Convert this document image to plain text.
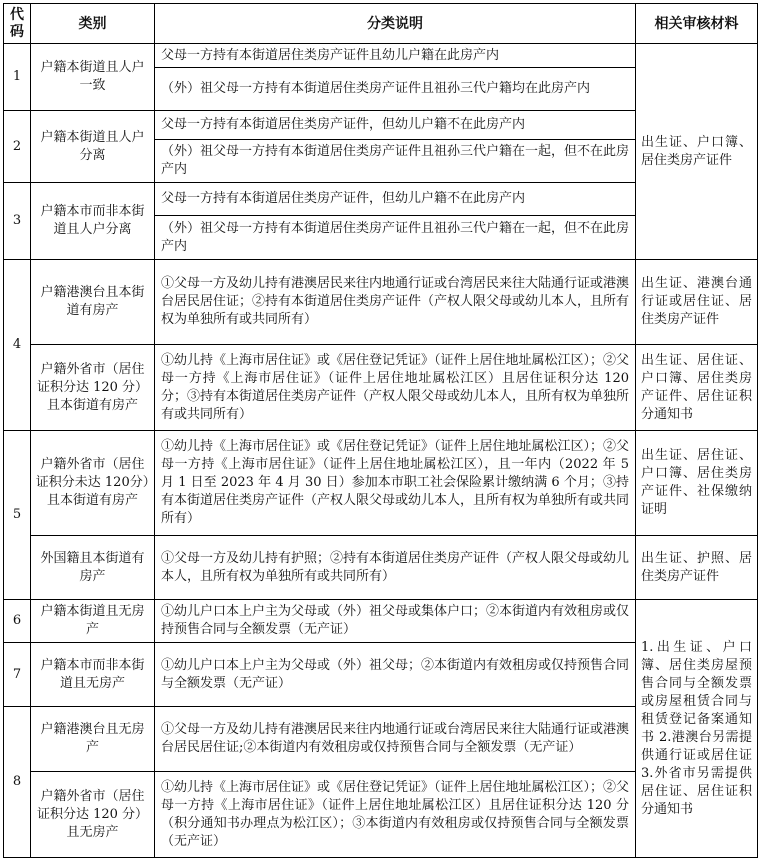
代码	类别	分类说明	相关审核材料
1	户籍本街道且人户一致	父母一方持有本街道居住类房产证件且幼儿户籍在此房产内	出生证、户口簿、居住类房产证件
		（外）祖父母一方持有本街道居住类房产证件且祖孙三代户籍均在此房产内	
2	户籍本街道且人户分离	父母一方持有本街道居住类房产证件，但幼儿户籍不在此房产内	
		（外）祖父母一方持有本街道居住类房产证件且祖孙三代户籍在一起，但不在此房产内	
3	户籍本市而非本街道且人户分离	父母一方持有本街道居住类房产证件，但幼儿户籍不在此房产内	
		（外）祖父母一方持有本街道居住类房产证件且祖孙三代户籍在一起，但不在此房产内	
4	户籍港澳台且本街道有房产	①父母一方及幼儿持有港澳居民来往内地通行证或台湾居民来往大陆通行证或港澳台居民居住证；②持有本街道居住类房产证件（产权人限父母或幼儿本人，且所有权为单独所有或共同所有）	出生证、港澳台通行证或居住证、居住类房产证件
	户籍外省市（居住证积分达 120 分）且本街道有房产	①幼儿持《上海市居住证》或《居住登记凭证》（证件上居住地址属松江区）；②父母一方持《上海市居住证》（证件上居住地址属松江区）且居住证积分达 120 分；③持有本街道居住类房产证件（产权人限父母或幼儿本人，且所有权为单独所有或共同所有）	出生证、居住证、户口簿、居住类房产证件、居住证积分通知书
5	户籍外省市（居住证积分未达 120分）且本街道有房产	①幼儿持《上海市居住证》或《居住登记凭证》（证件上居住地址属松江区）；②父母一方持《上海市居住证》（证件上居住地址属松江区），且一年内（2022 年 5 月 1 日至 2023 年 4 月 30 日）参加本市职工社会保险累计缴纳满 6 个月；③持有本街道居住类房产证件（产权人限父母或幼儿本人，且所有权为单独所有或共同所有）	出生证、居住证、户口簿、居住类房产证件、社保缴纳证明
	外国籍且本街道有房产	①父母一方及幼儿持有护照；②持有本街道居住类房产证件（产权人限父母或幼儿本人，且所有权为单独所有或共同所有）	出生证、护照、居住类房产证件
6	户籍本街道且无房产	①幼儿户口本上户主为父母或（外）祖父母或集体户口；②本街道内有效租房或仅持预售合同与全额发票（无产证）	1.出生证、户口簿、居住类房屋预售合同与全额发票或房屋租赁合同与租赁登记备案通知书 2.港澳台另需提供通行证或居住证 3.外省市另需提供居住证、居住证积分通知书
7	户籍本市而非本街道且无房产	①幼儿户口本上户主为父母或（外）祖父母；②本街道内有效租房或仅持预售合同与全额发票（无产证）	
8	户籍港澳台且无房产	①父母一方及幼儿持有港澳居民来往内地通行证或台湾居民来往大陆通行证或港澳台居民居住证;②本街道内有效租房或仅持预售合同与全额发票（无产证）	
	户籍外省市（居住证积分达 120 分）且无房产	①幼儿持《上海市居住证》或《居住登记凭证》（证件上居住地址属松江区）；②父母一方持《上海市居住证》（证件上居住地址属松江区）且居住证积分达 120 分（积分通知书办理点为松江区）；③本街道内有效租房或仅持预售合同与全额发票（无产证）	
